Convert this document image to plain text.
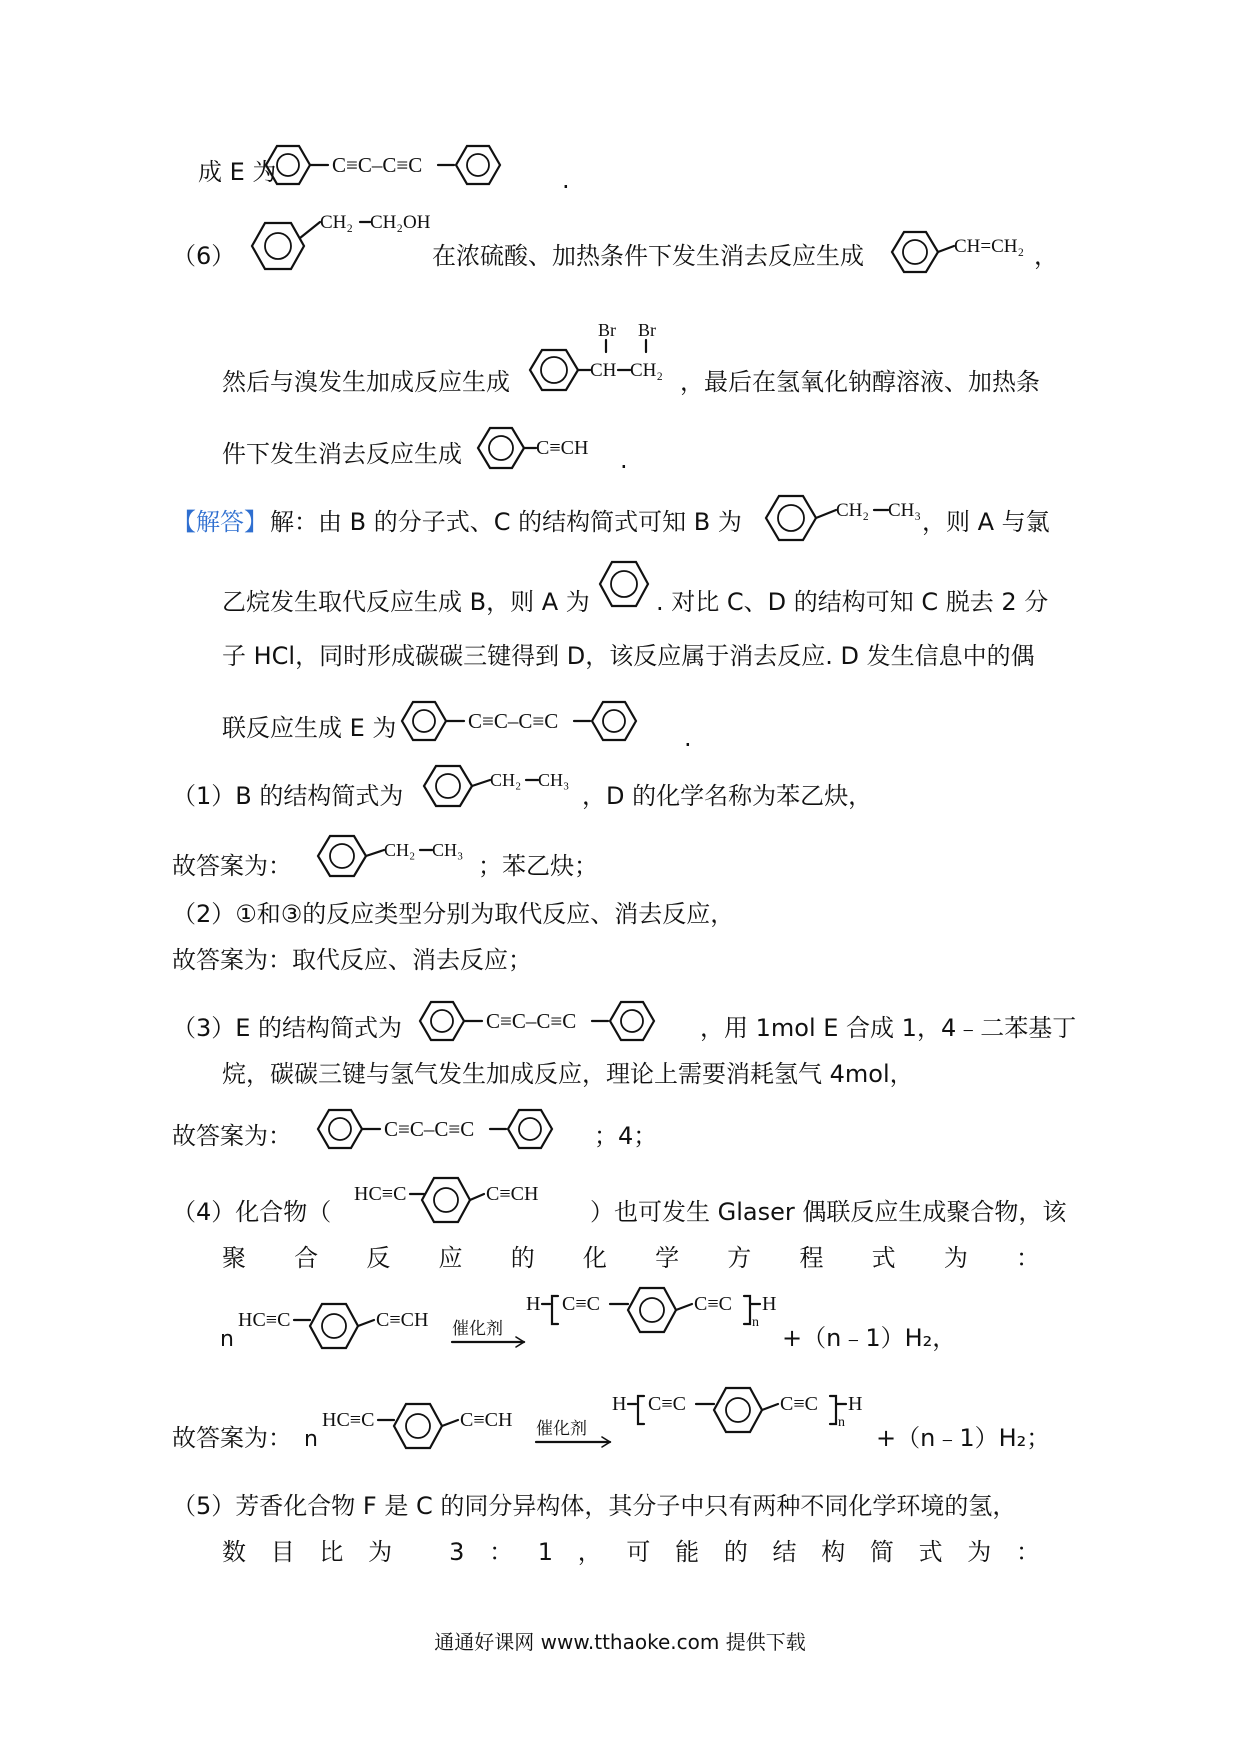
成 E 为	C≡C–C≡C
.
（6）
CH₂ CH₂OH
在浓硫酸、加热条件下发生消去反应生成	CH=CH₂ ，
然后与溴发生加成反应生成
Br Br
CH CH₂ ，最后在氢氧化钠醇溶液、加热条
件下发生消去反应生成	C≡CH .
【解答】 解：由 B 的分子式、C 的结构简式可知 B 为	CH₂ CH₃ ，则 A 与氯
乙烷发生取代反应生成 B，则 A 为	. 对比 C、D 的结构可知 C 脱去 2 分
子 HCl，同时形成碳碳三键得到 D，该反应属于消去反应. D 发生信息中的偶
联反应生成 E 为	C≡C–C≡C
.
（1）B 的结构简式为
CH₂ CH₃
，D 的化学名称为苯乙炔，
故答案为：
CH₂ CH₃
；苯乙炔；
（2）①和③的反应类型分别为取代反应、消去反应，
故答案为：取代反应、消去反应；
（3）E 的结构简式为	C≡C–C≡C	，用 1mol E 合成 1，4﹣二苯基丁
烷，碳碳三键与氢气发生加成反应，理论上需要消耗氢气 4mol，
故答案为：	C≡C–C≡C	；4；
（4）化合物（
HC≡C	C≡CH
）也可发生 Glaser 偶联反应生成聚合物，该
聚合反应的化学方程式为：
n
HC≡C	C≡CH 催化剂
H C≡C	C≡C
n
H
+（n﹣1）H₂，
故答案为： n
HC≡C	C≡CH 催化剂
H C≡C	C≡C
n
H
+（n﹣1）H₂；
（5）芳香化合物 F 是 C 的同分异构体，其分子中只有两种不同化学环境的氢，
数目比为 3：1，可能的结构简式为：
通通好课网 www.tthaoke.com 提供下载
